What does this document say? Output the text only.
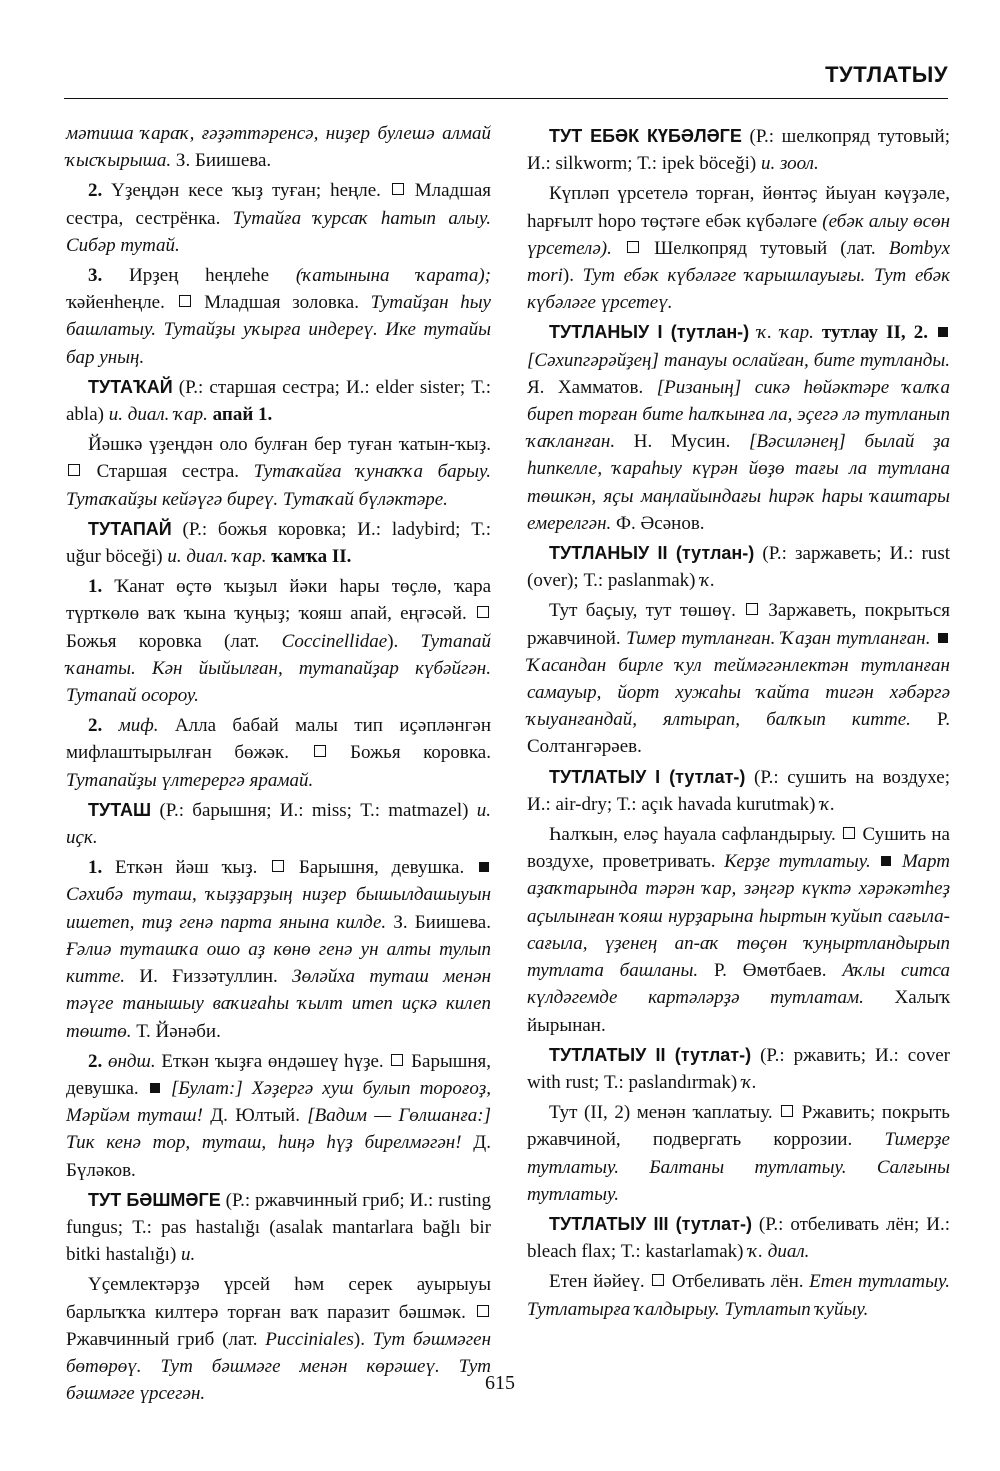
ТУТЛАТЫУ

мәтиша ҡараҡ, ғәҙәттәренсә, ниҙер булешә алмай ҡысҡырыша. З. Биишева.

2. Үҙеңдән кесе ҡыҙ туған; һеңле.  Младшая сестра, сестрёнка. Тутайға ҡурсаҡ һатып алыу. Сибәр тутай.

3. Ирҙең һеңлеһе (ҡатынына ҡарата); ҡәйенһеңле.  Младшая золовка. Тутайҙан һыу башлатыу. Тутайҙы уҡырға индереү. Ике тутайы бар уның.

ТУТАҠАЙ (Р.: старшая сестра; И.: elder sister; Т.: abla) и. диал. ҡар. апай 1.

Йәшкә үҙеңдән оло булған бер туған ҡатын-ҡыҙ.  Старшая сестра. Тутаҡайға ҡунаҡҡа барыу. Тутаҡайҙы кейәүгә биреү. Тутаҡай бүләктәре.

ТУТАПАЙ (Р.: божья коровка; И.: ladybird; Т.: uğur böceği) и. диал. ҡар. ҡамҡа II.

1. Ҡанат өҫтө ҡыҙыл йәки һары төҫлө, ҡара түрткөлө ваҡ ҡына ҡуңыҙ; ҡояш апай, еңгәсәй.  Божья коровка (лат. Coccinellidae). Тутапай ҡанаты. Кән йыйылған, тутапайҙар күбәйгән. Тутапай осороу.

2. миф. Алла бабай малы тип иҫәпләнгән мифлаштырылған бөжәк.  Божья коровка. Тутапайҙы үлтерергә ярамай.

ТУТАШ (Р.: барышня; И.: miss; Т.: matmazel) и. иҫк.

1. Еткән йәш ҡыҙ.  Барышня, девушка.  Сәхибә туташ, ҡыҙҙарҙың ниҙер бышылдашыуын ишетеп, тиҙ генә парта янына килде. З. Биишева. Ғәлиә туташҡа ошо аҙ көнө генә ун алты тулып китте. И. Ғиззәтуллин. Зөләйха туташ менән тәүге танышыу ваҡиғаһы ҡылт итеп иҫкә килеп төштө. Т. Йәнәби.

2. өндш. Еткән ҡыҙға өндәшеү һүҙе.  Барышня, девушка.  [Булат:] Хәҙергә хуш булып тороғоҙ, Мәрйәм туташ! Д. Юлтый. [Вадим — Гөлшанға:] Тик кенә тор, туташ, һиңә һүҙ бирелмәгән! Д. Бүләков.

ТУТ БӘШМӘГЕ (Р.: ржавчинный гриб; И.: rusting fungus; Т.: pas hastalığı (asalak mantarlara bağlı bir bitki hastalığı) и.

Үҫемлектәрҙә үрсей һәм серек ауырыуы барлыҡҡа килтерә торған ваҡ паразит бәшмәк.  Ржавчинный гриб (лат. Pucciniales). Тут бәшмәген бөтөрөү. Тут бәшмәге менән көрәшеү. Тут бәшмәге үрсегән.

ТУТ ЕБӘК КҮБӘЛӘГЕ (Р.: шелкопряд тутовый; И.: silkworm; Т.: ipek böceği) и. зоол.

Күпләп үрсетелә торған, йөнтәҫ йыуан кәүҙәле, һарғылт һоро төҫтәге ебәк күбәләге (ебәк алыу өсөн үрсетелә).  Шелкопряд тутовый (лат. Bombyx mori). Тут ебәк күбәләге ҡарышлауығы. Тут ебәк күбәләге үрсетеү.

ТУТЛАНЫУ I (тутлан-) ҡ. ҡар. тутлау II, 2.  [Сәхипгәрәйҙең] танауы ослайған, бите тутланды. Я. Хамматов. [Ризаның] сикә һөйәктәре ҡалҡа биреп торған бите һалҡынға ла, эҫегә лә тутланып ҡаҡланған. Н. Мусин. [Вәсиләнең] былай ҙа һипкелле, ҡараһыу күрән йөҙө тағы ла тутлана төшкән, яҫы маңлайындағы һирәк һары ҡаштары емерелгән. Ф. Әсәнов.

ТУТЛАНЫУ II (тутлан-) (Р.: заржаветь; И.: rust (over); Т.: paslanmak) ҡ.

Тут баҫыу, тут төшөү.  Заржаветь, покрыться ржавчиной. Тимер тутланған. Ҡаҙан тутланған.  Ҡасандан бирле ҡул теймәгәнлектән тутланған самауыр, йорт хужаһы ҡайта тигән хәбәргә ҡыуанғандай, ялтырап, балҡып китте. Р. Солтангәрәев.

ТУТЛАТЫУ I (тутлат-) (Р.: сушить на воздухе; И.: air-dry; Т.: açık havada kurutmak) ҡ.

Һалҡын, еләҫ һауала сафландырыу.  Сушить на воздухе, проветривать. Керҙе тутлатыу. Март аҙаҡтарында тәрән ҡар, зәңгәр күктә хәрәкәтһеҙ аҫылынған ҡояш нурҙарына һыртын ҡуйып сағыла-сағыла, үҙенең ап-аҡ төҫөн ҡуңыртландырып тутлата башланы. Р. Өмөтбаев. Аҡлы ситса күлдәгемде картәләрҙә тутлатам. Халыҡ йырынан.

ТУТЛАТЫУ II (тутлат-) (Р.: ржавить; И.: cover with rust; Т.: paslandırmak) ҡ.

Тут (II, 2) менән ҡаплатыу.  Ржавить; покрыть ржавчиной, подвергать коррозии. Тимерҙе тутлатыу. Балтаны тутлатыу. Салғыны тутлатыу.

ТУТЛАТЫУ III (тутлат-) (Р.: отбеливать лён; И.: bleach flax; Т.: kastarlamak) ҡ. диал.

Етен йәйеү.  Отбеливать лён. Етен тутлатыу. Тутлатырға ҡалдырыу. Тутлатып ҡуйыу.

615
